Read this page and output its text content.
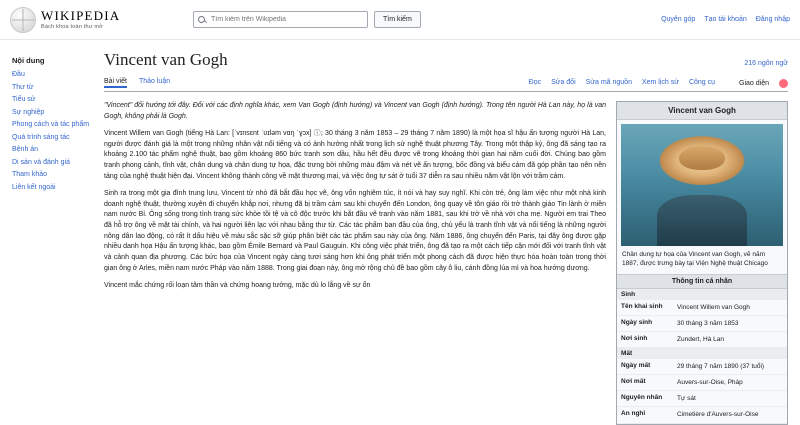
WIKIPEDIA
Bách khoa toàn thư mở
Tìm kiếm trên Wikipedia
Tìm kiếm	Quyên góp Tạo tài khoản Đăng nhập
Nội dung
Đầu
Thư từ
Tiểu sử
Sự nghiệp
Phong cách và tác phẩm
Quá trình sáng tác
Bệnh án
Di sản và đánh giá
Tham khảo
Liên kết ngoài
Vincent van Gogh	216 ngôn ngữ
Bài viết Thảo luận	Đọc Sửa đổi Sửa mã nguồn Xem lịch sử Công cụ	Giao diện

"Vincent" đổi hướng tới đây. Đối với các định nghĩa khác, xem Van Gogh (định hướng) và Vincent van Gogh (định hướng). Trong tên người Hà Lan này, họ là van Gogh, không phải là Gogh.

Vincent Willem van Gogh (tiếng Hà Lan: [ˈvɪnsɛnt ˈʋɪləm vɑŋ ˈɣɔx] ⓘ; 30 tháng 3 năm 1853 – 29 tháng 7 năm 1890) là một họa sĩ hậu ấn tượng người Hà Lan, người được đánh giá là một trong những nhân vật nổi tiếng và có ảnh hưởng nhất trong lịch sử nghệ thuật phương Tây. Trong một thập kỷ, ông đã sáng tạo ra khoảng 2.100 tác phẩm nghệ thuật, bao gồm khoảng 860 bức tranh sơn dầu, hầu hết đều được vẽ trong khoảng thời gian hai năm cuối đời. Chúng bao gồm tranh phong cảnh, tĩnh vật, chân dung và chân dung tự họa, đặc trưng bởi những màu đậm và nét vẽ ấn tượng, bốc đồng và biểu cảm đã góp phần tạo nên nền tảng của nghệ thuật hiện đại. Vincent không thành công về mặt thương mại, và việc ông tự sát ở tuổi 37 diễn ra sau nhiều năm vật lộn với trầm cảm.

Sinh ra trong một gia đình trung lưu, Vincent từ nhỏ đã bắt đầu học vẽ, ông vốn nghiêm túc, ít nói và hay suy nghĩ. Khi còn trẻ, ông làm việc như một nhà kinh doanh nghệ thuật, thường xuyên đi chuyển khắp nơi, nhưng đã bị trầm cảm sau khi chuyển đến London, ông quay về tôn giáo rồi trở thành giáo Tin lành ở miền nam nước Bỉ. Ông sống trong tình trạng sức khỏe tồi tệ và cô độc trước khi bắt đầu vẽ tranh vào năm 1881, sau khi trở về nhà với cha mẹ. Người em trai Theo đã hỗ trợ ông về mặt tài chính, và hai người liên lạc với nhau bằng thư từ. Các tác phẩm ban đầu của ông, chủ yếu là tranh tĩnh vật và nổi tiếng là những người nông dân lao động, có rất ít dấu hiệu về màu sắc sặc sỡ giúp phân biệt các tác phẩm sau này của ông. Năm 1886, ông chuyển đến Paris, tại đây ông được gặp nhiều danh họa Hậu ấn tượng khác, bao gồm Émile Bernard và Paul Gauguin. Khi công việc phát triển, ông đã tạo ra một cách tiếp cận mới đối với tranh tĩnh vật và cảnh quan địa phương. Các bức họa của Vincent ngày càng tươi sáng hơn khi ông phát triển một phong cách đã được hiện thực hóa hoàn toàn trong thời gian ông ở Arles, miền nam nước Pháp vào năm 1888. Trong giai đoạn này, ông mở rộng chủ đề bao gồm cây ô liu, cánh đồng lúa mì và hoa hướng dương.

Vincent mắc chứng rối loạn tâm thần và chứng hoang tưởng, mặc dù lo lắng về sự ổn

Vincent van Gogh
Chân dung tự họa của Vincent van Gogh, vẽ năm 1887, được trưng bày tại Viện Nghệ thuật Chicago
Thông tin cá nhân
Sinh
Tên khai sinh	Vincent Willem van Gogh
Ngày sinh	30 tháng 3 năm 1853
Nơi sinh	Zundert, Hà Lan
Mất
Ngày mất	29 tháng 7 năm 1890 (37 tuổi)
Nơi mất	Auvers-sur-Oise, Pháp
Nguyên nhân	Tự sát
An nghỉ	Cimetière d'Auvers-sur-Oise
